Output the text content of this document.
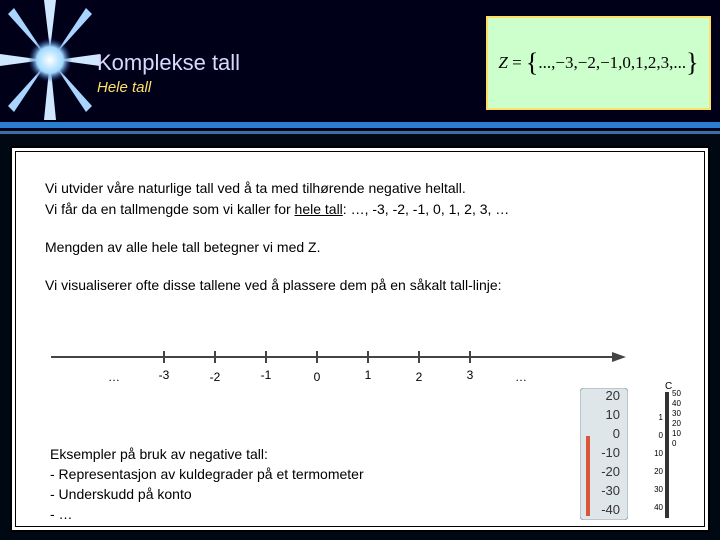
Komplekse tall
Hele tall
Z = {...,−3,−2,−1,0,1,2,3,...}
Vi utvider våre naturlige tall ved å ta med tilhørende negative heltall.
Vi får da en tallmengde som vi kaller for hele tall: …, -3, -2, -1, 0, 1, 2, 3, …
Mengden av alle hele tall betegner vi med Z.
Vi visualiserer ofte disse tallene ved å plassere dem på en såkalt tall-linje:
…	-3	-2	-1	0	1	2	3	…
Eksempler på bruk av negative tall:
- Representasjon av kuldegrader på et termometer
- Underskudd på konto
- …
20
10
0
-10
-20
-30
-40
C
1
0
10
20
30
40
50
40
30
20
10
0
